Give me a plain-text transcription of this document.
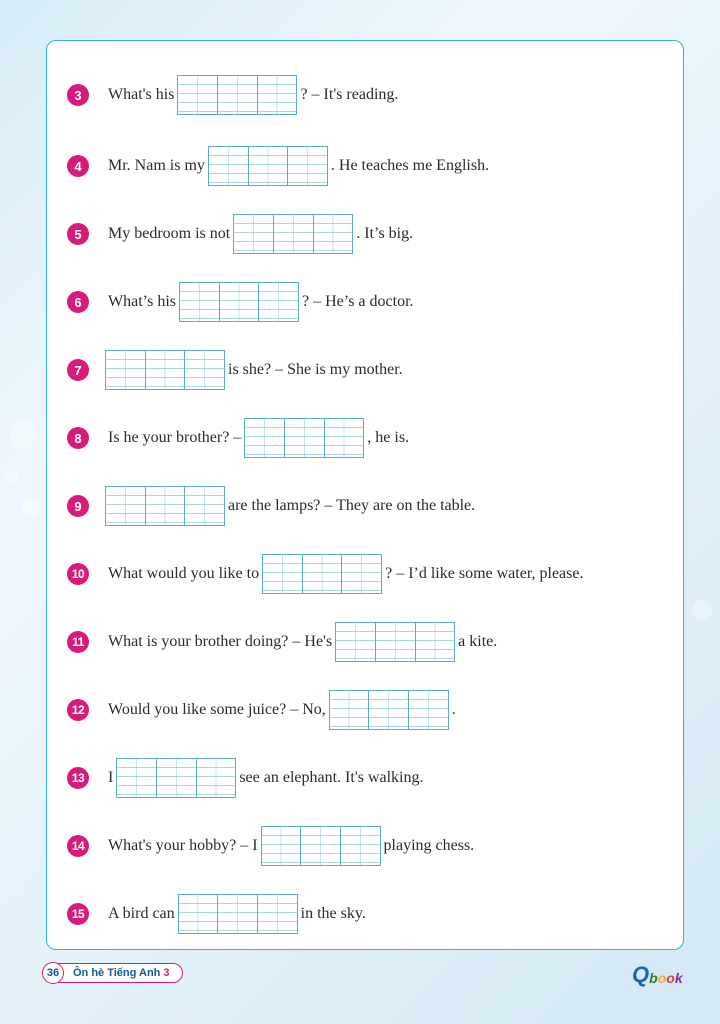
3	What's his	? – It's reading.
4	Mr. Nam is my	. He teaches me English.
5	My bedroom is not	. It’s big.
6	What’s his	? – He’s a doctor.
7	is she? – She is my mother.
8	Is he your brother? –	, he is.
9	are the lamps? – They are on the table.
10	What would you like to	? – I’d like some water, please.
11	What is your brother doing? – He's	a kite.
12	Would you like some juice? – No,	.
13	I	see an elephant. It's walking.
14	What's your hobby? – I	playing chess.
15	A bird can	in the sky.
36	Ôn hè Tiếng Anh 3	Q b o o k
